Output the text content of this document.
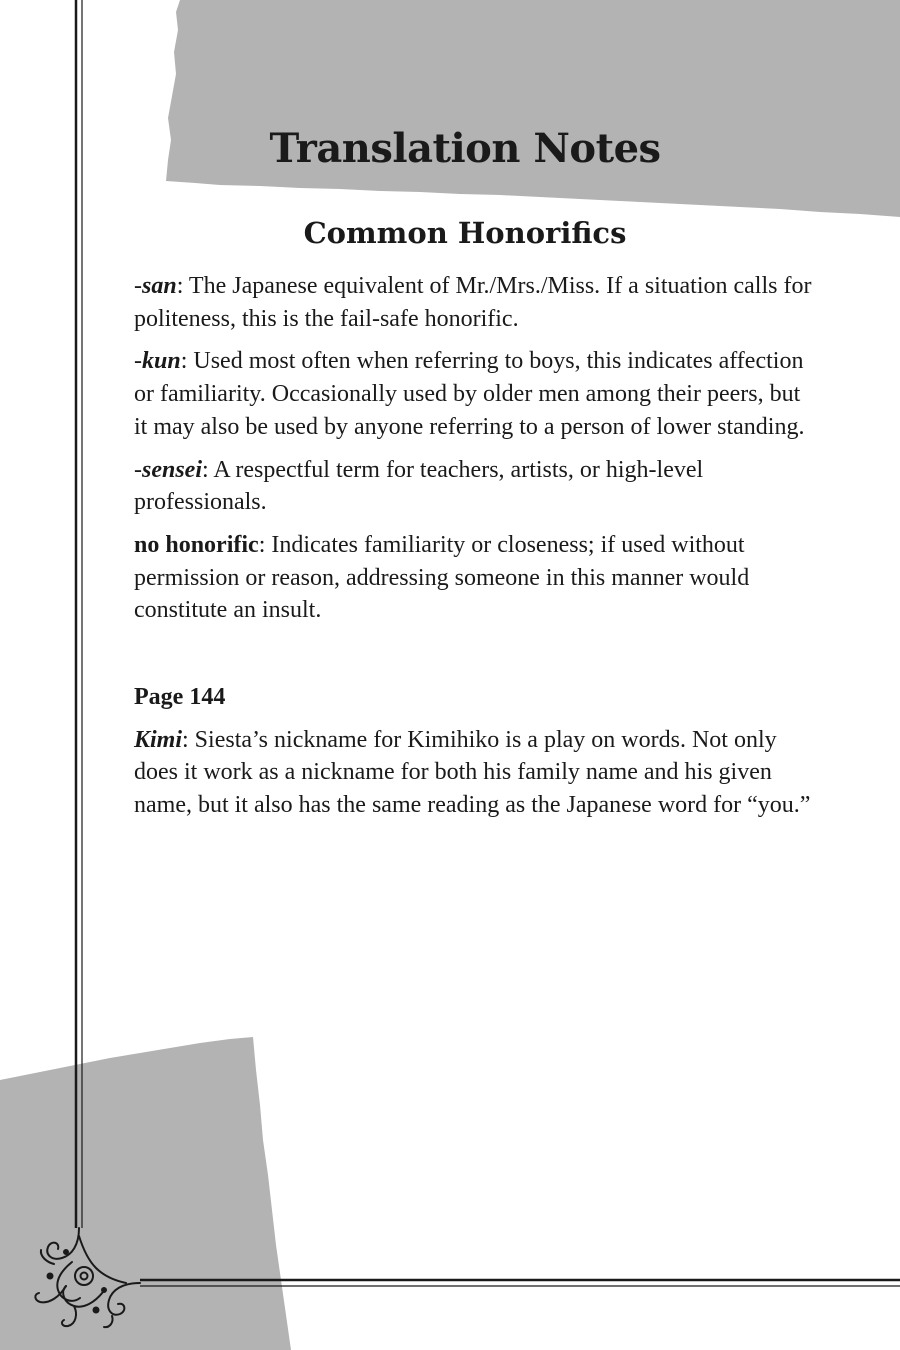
Translation Notes
Common Honorifics

-san: The Japanese equivalent of Mr./Mrs./Miss. If a situation calls for politeness, this is the fail-safe honorific.

-kun: Used most often when referring to boys, this indicates affection or familiarity. Occasionally used by older men among their peers, but it may also be used by anyone referring to a person of lower standing.

-sensei: A respectful term for teachers, artists, or high-level professionals.

no honorific: Indicates familiarity or closeness; if used without permission or reason, addressing someone in this manner would constitute an insult.

Page 144

Kimi: Siesta’s nickname for Kimihiko is a play on words. Not only does it work as a nickname for both his family name and his given name, but it also has the same reading as the Japanese word for “you.”
